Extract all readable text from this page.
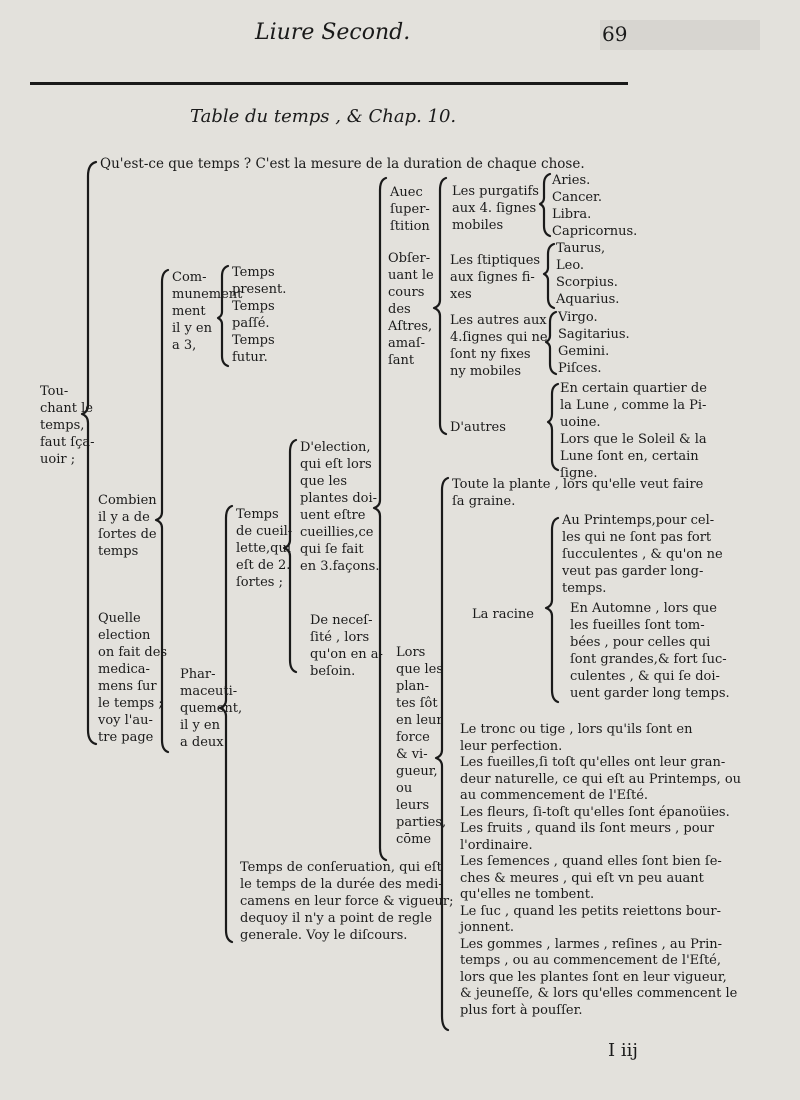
Liure Second.	69
Table du temps , & Chap. 10.
Qu'est-ce que temps ? C'est la mesure de la duration de chaque chose.
Tou-
chant le
temps,
faut ſça-
uoir ;
Combien
il y a de
ſortes de
temps
Com-
munement
ment
il y en
a 3,
Temps
present.
Temps
paſſé.
Temps
futur.
Quelle
election
on fait des
medica-
mens ſur
le temps ;
voy l'au-
tre page
Phar-
maceuti-
quement,
il y en
a deux
Temps
de cueil-
lette,qui
eſt de 2.
ſortes ;
D'election,
qui eſt lors
que les
plantes doi-
uent eſtre
cueillies,ce
qui ſe fait
en 3.façons.
De neceſ-
ſité , lors
qu'on en a-
beſoin.
Temps de conſeruation, qui eſt
le temps de la durée des medi-
camens en leur force & vigueur;
dequoy il n'y a point de regle
generale. Voy le diſcours.
Auec
ſuper-
ſtition
Obſer-
uant le
cours
des
Aſtres,
amaſ-
ſant
Les purgatifs
aux 4. ſignes
mobiles
Aries.
Cancer.
Libra.
Capricornus.
Les ſtiptiques
aux ſignes fi-
xes
Taurus,
Leo.
Scorpius.
Aquarius.
Les autres aux
4.ſignes qui ne
ſont ny fixes
ny mobiles
Virgo.
Sagitarius.
Gemini.
Piſces.
D'autres
En certain quartier de
la Lune , comme la Pi-
uoine.
Lors que le Soleil & la
Lune ſont en, certain
ſigne.
Lors
que les
plan-
tes ſôt
en leur
force
& vi-
gueur,
ou
leurs
parties,
cōme
Toute la plante , lors qu'elle veut faire
ſa graine.
La racine
Au Printemps,pour cel-
les qui ne ſont pas fort
ſucculentes , & qu'on ne
veut pas garder long-
temps.
En Automne , lors que
les fueilles ſont tom-
bées , pour celles qui
ſont grandes,& fort ſuc-
culentes , & qui ſe doi-
uent garder long temps.
Le tronc ou tige , lors qu'ils ſont en
leur perfection.
Les fueilles,ſi toſt qu'elles ont leur gran-
deur naturelle, ce qui eſt au Printemps, ou
au commencement de l'Eſté.
Les fleurs, ſi-toſt qu'elles ſont épanoüies.
Les fruits , quand ils ſont meurs , pour
l'ordinaire.
Les ſemences , quand elles ſont bien ſe-
ches & meures , qui eſt vn peu auant
qu'elles ne tombent.
Le ſuc , quand les petits reiettons bour-
jonnent.
Les gommes , larmes , reſines , au Prin-
temps , ou au commencement de l'Eſté,
lors que les plantes ſont en leur vigueur,
& jeuneſſe, & lors qu'elles commencent le
plus fort à pouſſer.
I iij
